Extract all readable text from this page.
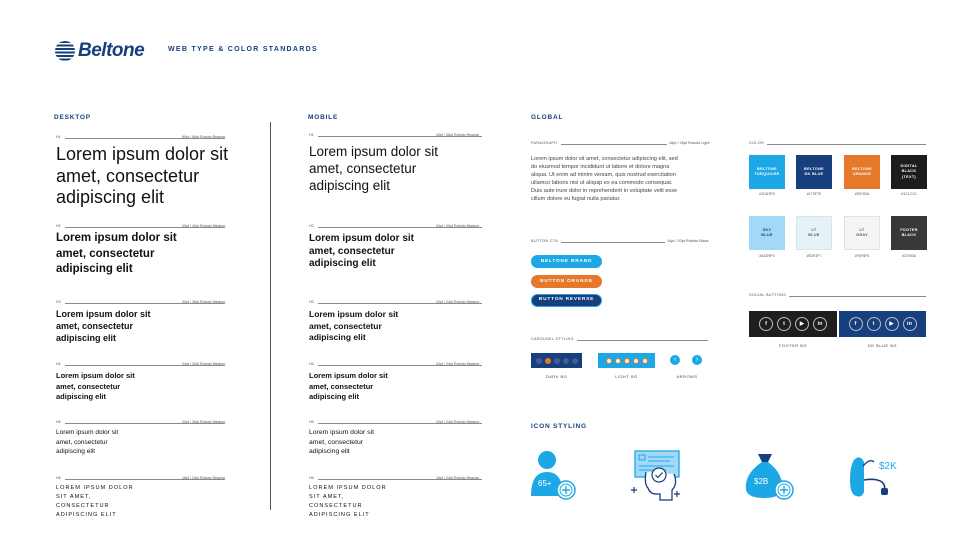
Beltone	WEB TYPE & COLOR STANDARDS
DESKTOP	MOBILE	GLOBAL
H1	60pt / 66pt Roboto Regular
Lorem ipsum dolor sit amet, consectetur adipiscing elit
H2	40pt / 40pt Roboto Medium
Lorem ipsum dolor sit amet, consectetur adipiscing elit
H3	30pt / 36pt Roboto Medium
Lorem ipsum dolor sit amet, consectetur adipiscing elit
H4	24pt / 32pt Roboto Medium
Lorem ipsum dolor sit amet, consectetur adipiscing elit
H5	20pt / 30pt Roboto Medium
Lorem ipsum dolor sit amet, consectetur adipiscing elit
H6	16pt / 24pt Roboto Regular
LOREM IPSUM DOLOR SIT AMET, CONSECTETUR ADIPISCING ELIT
H1	40pt / 36pt Roboto Regular
Lorem ipsum dolor sit amet, consectetur adipiscing elit
H2	24pt / 40pt Roboto Medium
Lorem ipsum dolor sit amet, consectetur adipiscing elit
H3	20pt / 24pt Roboto Medium
Lorem ipsum dolor sit amet, consectetur adipiscing elit
H4	24pt / 24pt Roboto Medium
Lorem ipsum dolor sit amet, consectetur adipiscing elit
H5	20pt / 24pt Roboto Medium
Lorem ipsum dolor sit amet, consectetur adipiscing elit
H6	16pt / 24pt Roboto Regular
LOREM IPSUM DOLOR SIT AMET, CONSECTETUR ADIPISCING ELIT
PARAGRAPH	16pt / 28pt Roboto Light
Lorem ipsum dolor sit amet, consectetur adipiscing elit, sed do eiusmod tempor incididunt ut labore et dolore magna aliqua. Ut enim ad minim veniam, quis nostrud exercitation ullamco laboris nisi ut aliquip ex ea commodo consequat. Duis aute irure dolor in reprehenderit in voluptate velit esse cillum dolore eu fugiat nulla pariatur.
BUTTON CTA	14pt / 20pt Roboto Black
BELTONE BRAND
BUTTON ORANGE
BUTTON REVERSE
CAROUSEL STYLING
‹	›
DARK BG	LIGHT BG	ARROWS
ICON STYLING
65+	$2B
$2K
COLOR
BELTONE
TURQUOISE
BELTONE
DK BLUE
BELTONE
ORANGE
DIGITAL
BLACK
(TEXT)
#1DA7E5	#173F7E	#E5782A	#1C1C1C
SKY
BLUE
LT
BLUE
LT
GRAY
FOOTER
BLACK
#A2D9F6	#E3F3F7	#F5F5F5	#373936
SOCIAL BUTTONS
f	t	▶	in	f	t	▶	in
FOOTER BG	DK BLUE BG
